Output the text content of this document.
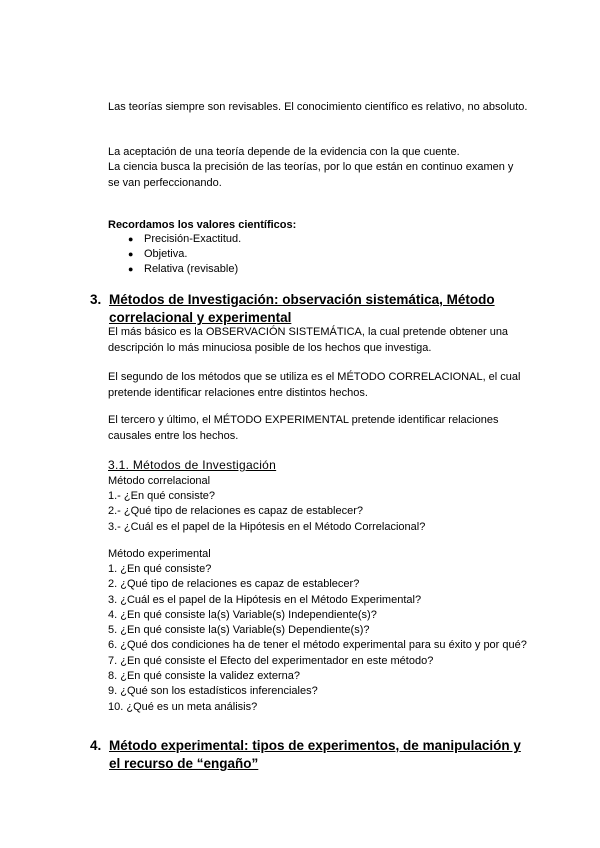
Las teorías siempre son revisables. El conocimiento científico es relativo, no absoluto.

La aceptación de una teoría depende de la evidencia con la que cuente.

La ciencia busca la precisión de las teorías, por lo que están en continuo examen y se van perfeccionando.

Recordamos los valores científicos:

● Precisión-Exactitud.
● Objetiva.
● Relativa (revisable)
3. Métodos de Investigación: observación sistemática, Método correlacional y experimental

El más básico es la OBSERVACIÓN SISTEMÁTICA, la cual pretende obtener una descripción lo más minuciosa posible de los hechos que investiga.

El segundo de los métodos que se utiliza es el MÉTODO CORRELACIONAL, el cual pretende identificar relaciones entre distintos hechos.

El tercero y último, el MÉTODO EXPERIMENTAL pretende identificar relaciones causales entre los hechos.

3.1. Métodos de Investigación

Método correlacional

1.- ¿En qué consiste?
2.- ¿Qué tipo de relaciones es capaz de establecer?
3.- ¿Cuál es el papel de la Hipótesis en el Método Correlacional?

Método experimental

1. ¿En qué consiste?
2. ¿Qué tipo de relaciones es capaz de establecer?
3. ¿Cuál es el papel de la Hipótesis en el Método Experimental?
4. ¿En qué consiste la(s) Variable(s) Independiente(s)?
5. ¿En qué consiste la(s) Variable(s) Dependiente(s)?
6. ¿Qué dos condiciones ha de tener el método experimental para su éxito y por qué?
7. ¿En qué consiste el Efecto del experimentador en este método?
8. ¿En qué consiste la validez externa?
9. ¿Qué son los estadísticos inferenciales?
10. ¿Qué es un meta análisis?
4. Método experimental: tipos de experimentos, de manipulación y el recurso de “engaño”
